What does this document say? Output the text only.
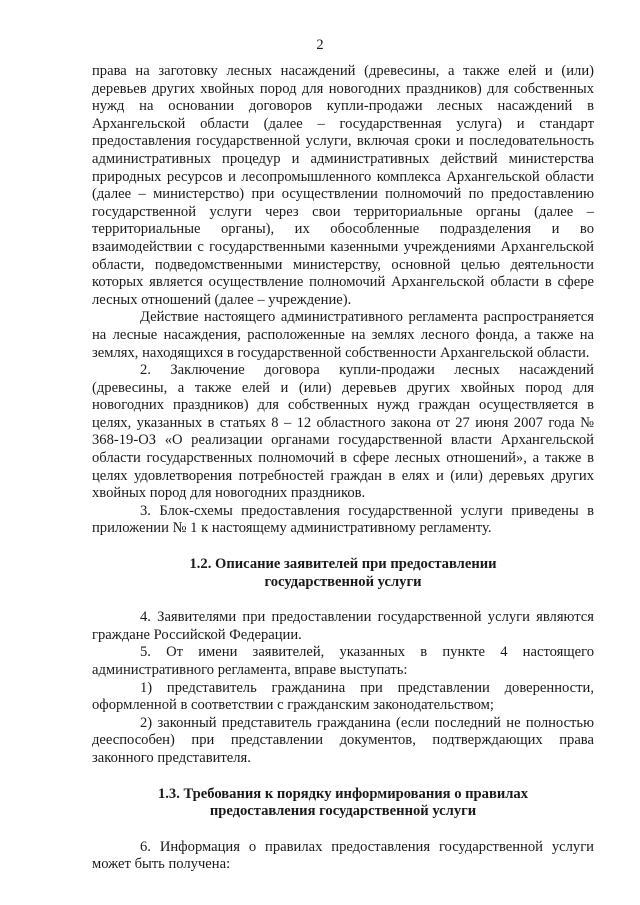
2

права на заготовку лесных насаждений (древесины, а также елей и (или) деревьев других хвойных пород для новогодних праздников) для собственных нужд на основании договоров купли-продажи лесных насаждений в Архангельской области (далее – государственная услуга) и стандарт предоставления государственной услуги, включая сроки и последовательность административных процедур и административных действий министерства природных ресурсов и лесопромышленного комплекса Архангельской области (далее – министерство) при осуществлении полномочий по предоставлению государственной услуги через свои территориальные органы (далее – территориальные органы), их обособленные подразделения и во взаимодействии с государственными казенными учреждениями Архангельской области, подведомственными министерству, основной целью деятельности которых является осуществление полномочий Архангельской области в сфере лесных отношений (далее – учреждение).

Действие настоящего административного регламента распространяется на лесные насаждения, расположенные на землях лесного фонда, а также на землях, находящихся в государственной собственности Архангельской области.

2. Заключение договора купли-продажи лесных насаждений (древесины, а также елей и (или) деревьев других хвойных пород для новогодних праздников) для собственных нужд граждан осуществляется в целях, указанных в статьях 8 – 12 областного закона от 27 июня 2007 года № 368-19-ОЗ «О реализации органами государственной власти Архангельской области государственных полномочий в сфере лесных отношений», а также в целях удовлетворения потребностей граждан в елях и (или) деревьях других хвойных пород для новогодних праздников.

3. Блок-схемы предоставления государственной услуги приведены в приложении № 1 к настоящему административному регламенту.

1.2. Описание заявителей при предоставлении

государственной услуги

4. Заявителями при предоставлении государственной услуги являются граждане Российской Федерации.

5. От имени заявителей, указанных в пункте 4 настоящего административного регламента, вправе выступать:

1) представитель гражданина при представлении доверенности, оформленной в соответствии с гражданским законодательством;

2) законный представитель гражданина (если последний не полностью дееспособен) при представлении документов, подтверждающих права законного представителя.

1.3. Требования к порядку информирования о правилах

предоставления государственной услуги

6. Информация о правилах предоставления государственной услуги может быть получена:
